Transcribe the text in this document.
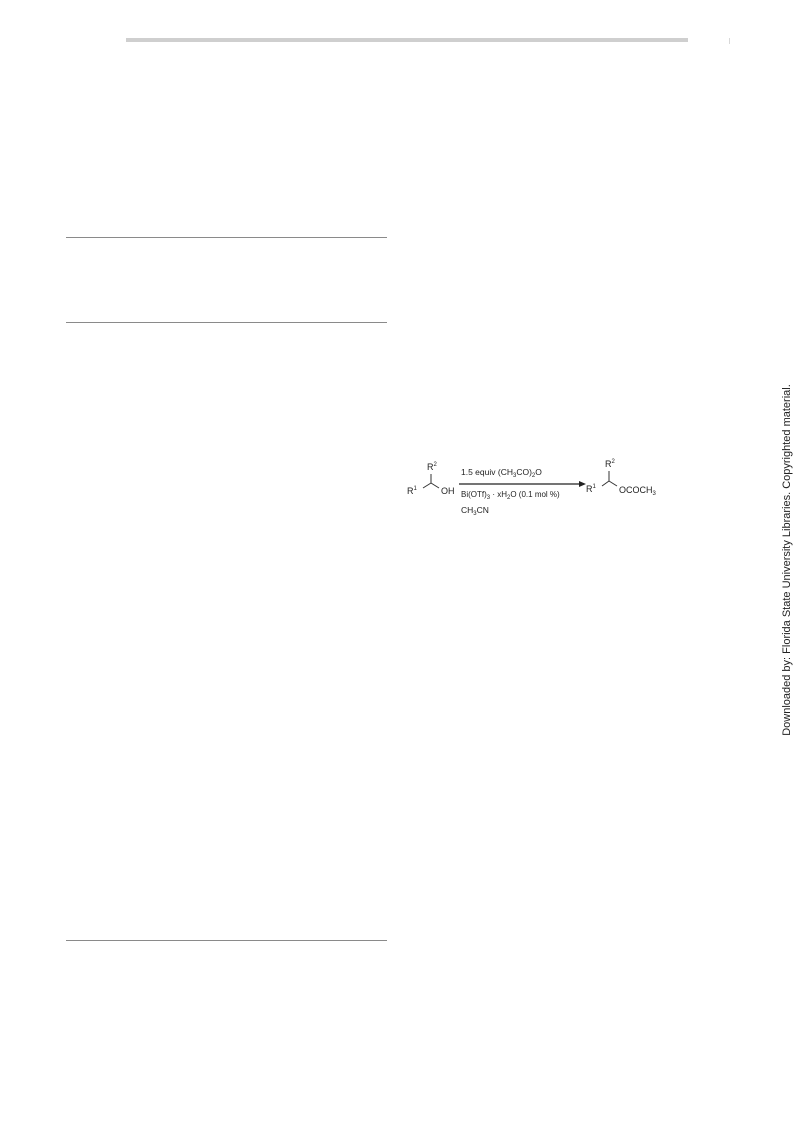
$R^2$
$R^1$	OH
1.5 equiv $(CH_3CO)_2O$
$Bi(OTf)_3 \cdot xH_2O$ (0.1 mol %)
$CH_3CN$
$R^2$
$R^1$	$OCOCH_3$	Downloaded by: Florida State University Libraries. Copyrighted material.
